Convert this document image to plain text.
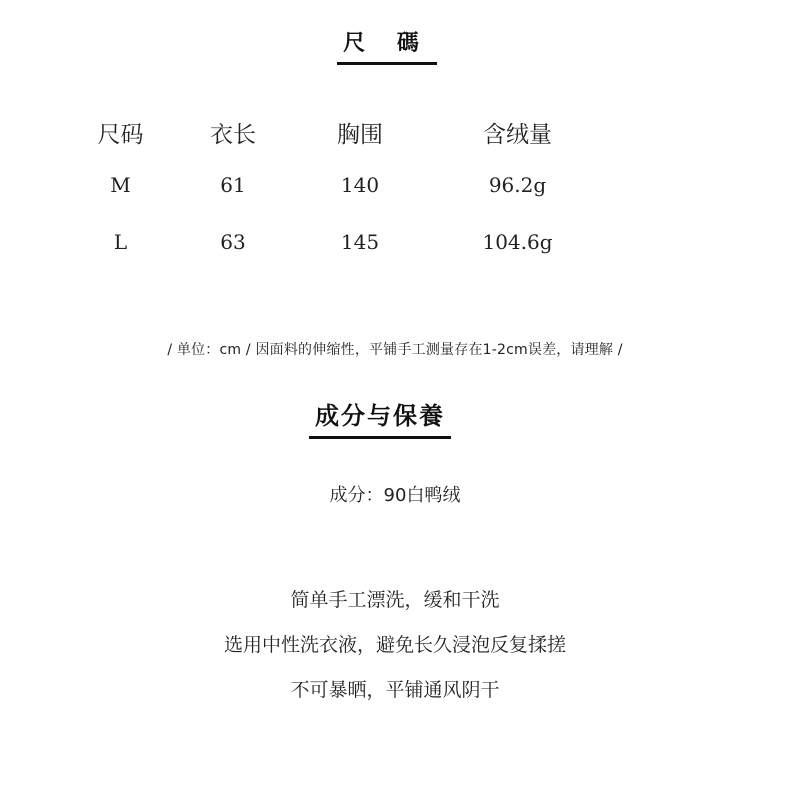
尺 碼
尺码	衣长	胸围	含绒量
M	61	140	96.2g
L	63	145	104.6g
/ 单位：cm / 因面料的伸缩性，平铺手工测量存在1-2cm误差，请理解 /
成分与保養
成分：90白鸭绒
简单手工漂洗，缓和干洗
选用中性洗衣液，避免长久浸泡反复揉搓
不可暴晒，平铺通风阴干
